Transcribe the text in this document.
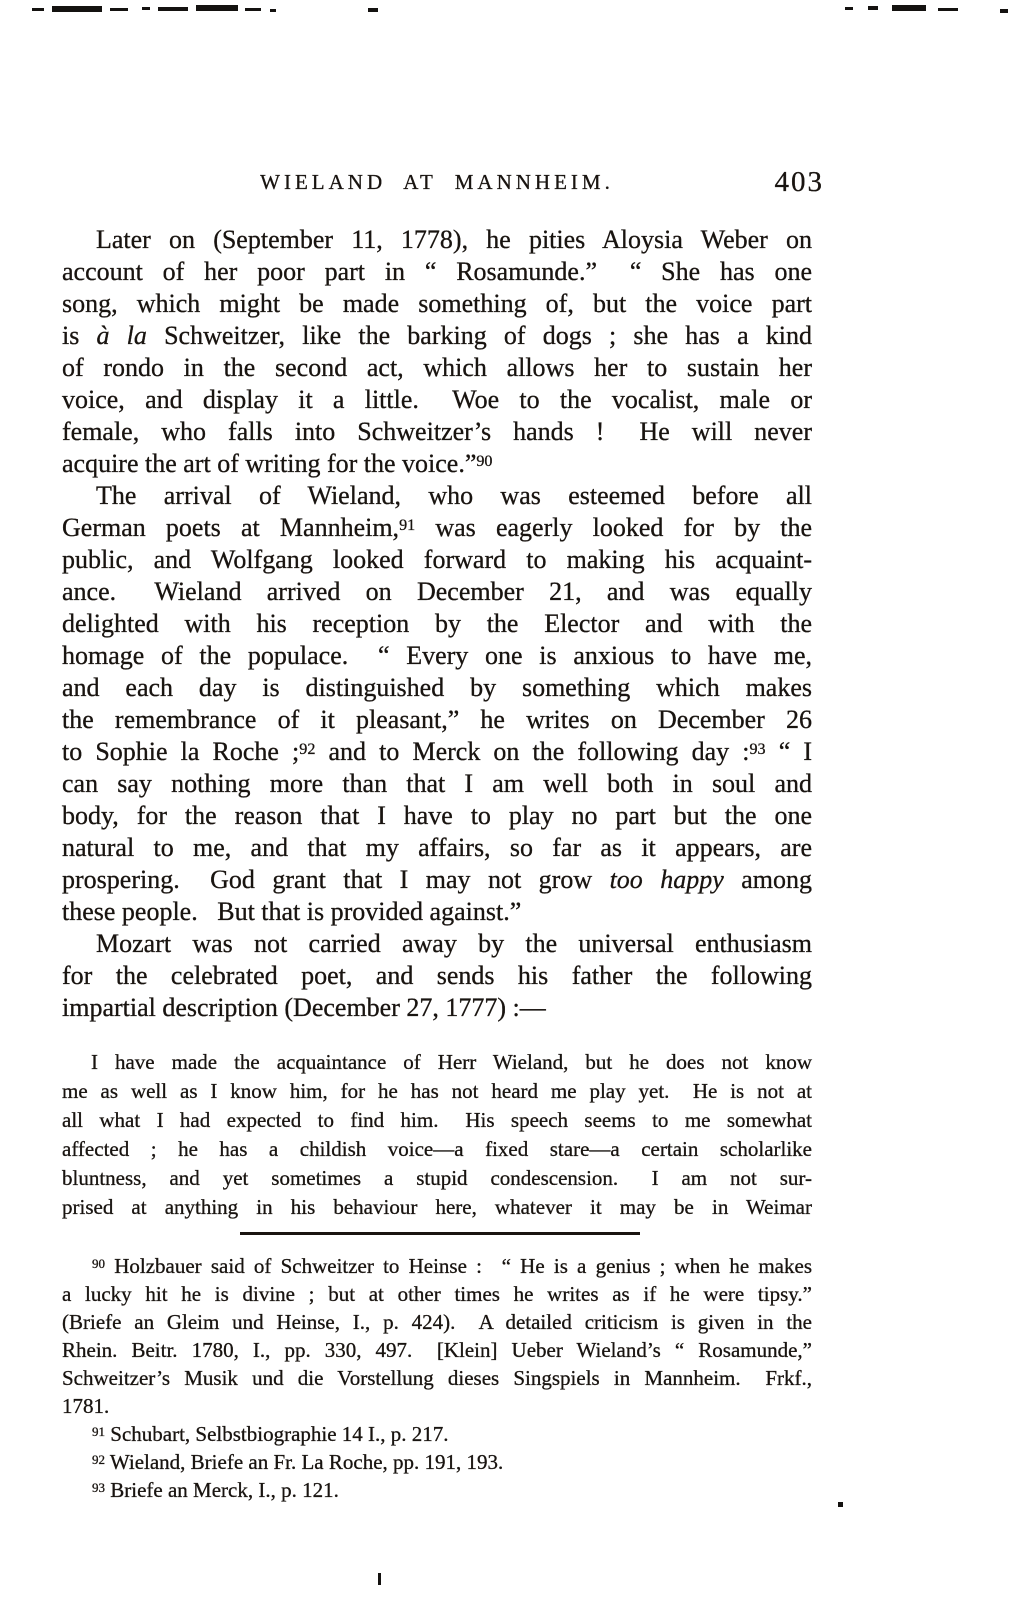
WIELAND AT MANNHEIM.	403
Later on (September 11, 1778), he pities Aloysia Weber on
account of her poor part in “ Rosamunde.”  “ She has one
song, which might be made something of, but the voice part
is à la Schweitzer, like the barking of dogs ; she has a kind
of rondo in the second act, which allows her to sustain her
voice, and display it a little.  Woe to the vocalist, male or
female, who falls into Schweitzer’s hands !  He will never
acquire the art of writing for the voice.”$^{90}$
The arrival of Wieland, who was esteemed before all
German poets at Mannheim,$^{91}$ was eagerly looked for by the
public, and Wolfgang looked forward to making his acquaint-
ance.  Wieland arrived on December 21, and was equally
delighted with his reception by the Elector and with the
homage of the populace.  “ Every one is anxious to have me,
and each day is distinguished by something which makes
the remembrance of it pleasant,” he writes on December 26
to Sophie la Roche ;$^{92}$ and to Merck on the following day :$^{93}$ “ I
can say nothing more than that I am well both in soul and
body, for the reason that I have to play no part but the one
natural to me, and that my affairs, so far as it appears, are
prospering.  God grant that I may not grow too happy among
these people.  But that is provided against.”
Mozart was not carried away by the universal enthusiasm
for the celebrated poet, and sends his father the following
impartial description (December 27, 1777) :—
I have made the acquaintance of Herr Wieland, but he does not know
me as well as I know him, for he has not heard me play yet.  He is not at
all what I had expected to find him.  His speech seems to me somewhat
affected ; he has a childish voice—a fixed stare—a certain scholarlike
bluntness, and yet sometimes a stupid condescension.  I am not sur-
prised at anything in his behaviour here, whatever it may be in Weimar
$^{90}$ Holzbauer said of Schweitzer to Heinse :  “ He is a genius ; when he makes
a lucky hit he is divine ; but at other times he writes as if he were tipsy.”
(Briefe an Gleim und Heinse, I., p. 424).  A detailed criticism is given in the
Rhein. Beitr. 1780, I., pp. 330, 497.  [Klein] Ueber Wieland’s “ Rosamunde,”
Schweitzer’s Musik und die Vorstellung dieses Singspiels in Mannheim.  Frkf.,
1781.
$^{91}$ Schubart, Selbstbiographie 14 I., p. 217.
$^{92}$ Wieland, Briefe an Fr. La Roche, pp. 191, 193.
$^{93}$ Briefe an Merck, I., p. 121.
